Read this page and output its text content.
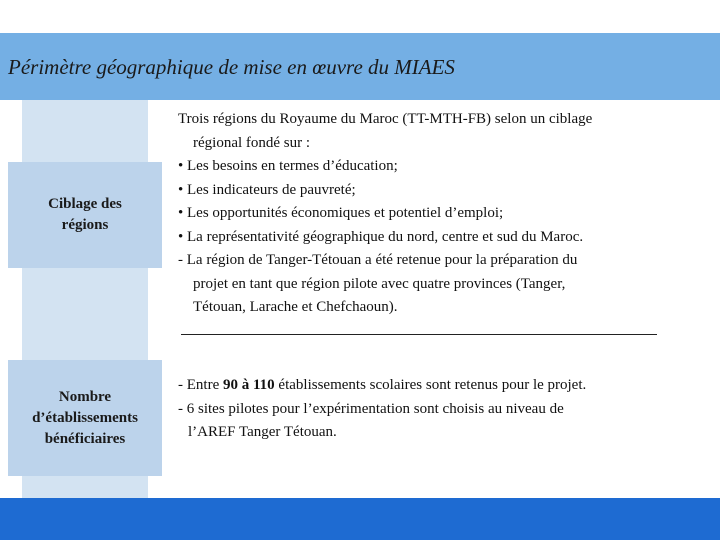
Périmètre géographique de mise en œuvre du MIAES
Ciblage des
régions
Nombre
d’établissements
bénéficiaires
Trois régions du Royaume du Maroc (TT-MTH-FB) selon un ciblage
régional fondé sur :
• Les besoins en termes d’éducation;
• Les indicateurs de pauvreté;
• Les opportunités économiques et potentiel d’emploi;
• La représentativité géographique du nord, centre et sud du Maroc.
- La région de Tanger-Tétouan a été retenue pour la préparation du
projet en tant que région pilote avec quatre provinces (Tanger,
Tétouan, Larache et Chefchaoun).
- Entre 90 à 110 établissements scolaires sont retenus pour le projet.
- 6 sites pilotes pour l’expérimentation sont choisis au niveau de
l’AREF Tanger Tétouan.
